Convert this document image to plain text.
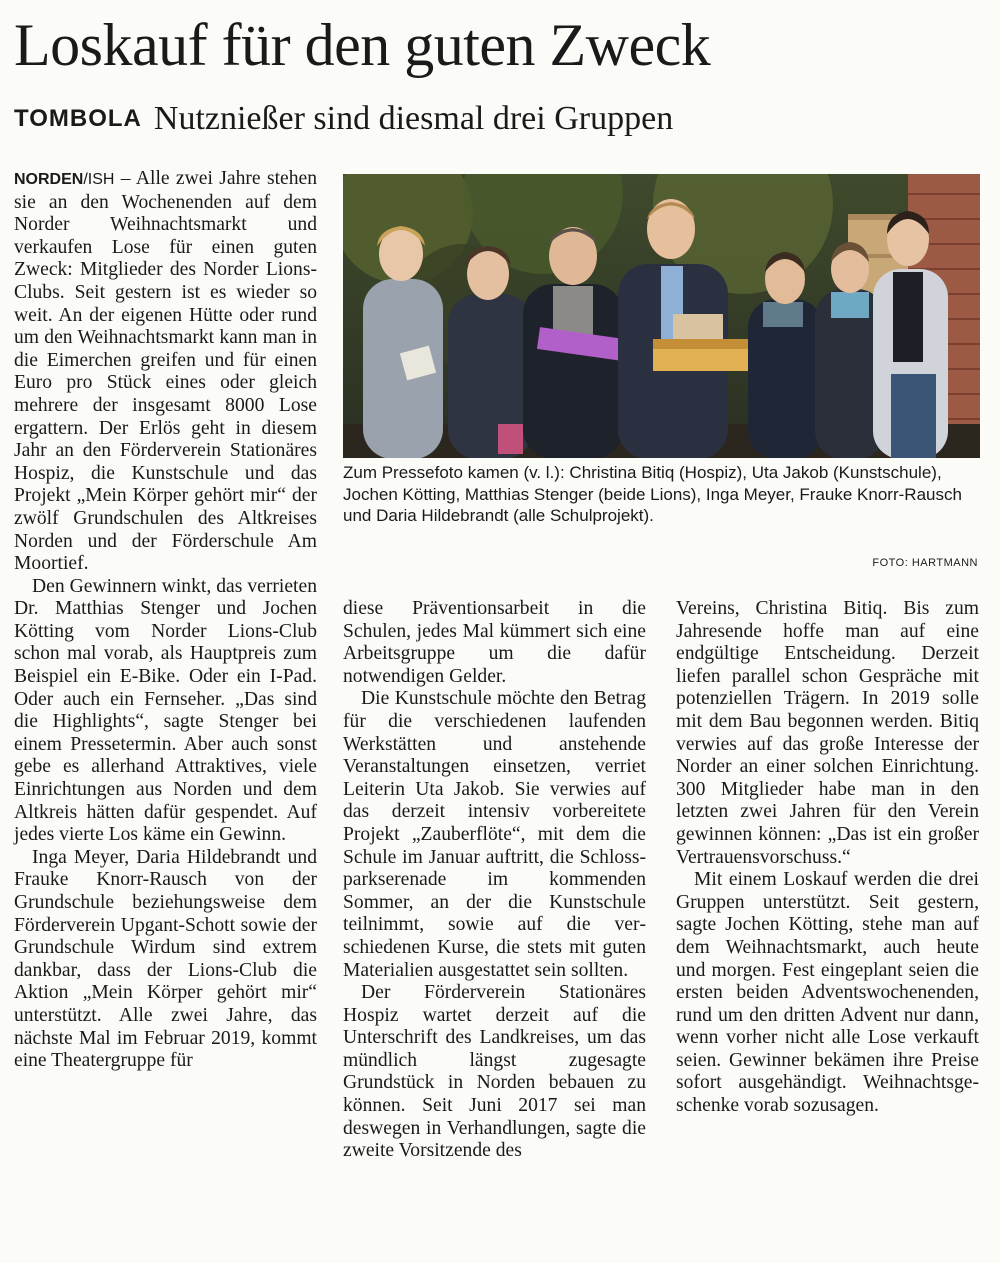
Loskauf für den guten Zweck
TOMBOLA Nutznießer sind diesmal drei Gruppen

NORDEN/ISH – Alle zwei Jahre stehen sie an den Wochenenden auf dem Norder Weihnachtsmarkt und verkaufen Lose für einen guten Zweck: Mitglieder des Norder Lions-Clubs. Seit gestern ist es wieder so weit. An der eigenen Hütte oder rund um den Weihnachtsmarkt kann man in die Eimerchen greifen und für einen Euro pro Stück eines oder gleich mehrere der insgesamt 8000 Lose ergattern. Der Erlös geht in diesem Jahr an den Förderverein Stationäres Hospiz, die Kunstschule und das Projekt „Mein Körper gehört mir“ der zwölf Grundschulen des Altkreises Norden und der Förderschule Am Moortief.

Den Gewinnern winkt, das verrieten Dr. Matthias Stenger und Jochen Kötting vom Norder Lions-Club schon mal vorab, als Hauptpreis zum Beispiel ein E-Bike. Oder ein I-Pad. Oder auch ein Fernseher. „Das sind die Highlights“, sagte Stenger bei einem Pressetermin. Aber auch sonst gebe es allerhand Attraktives, viele Einrichtungen aus Norden und dem Altkreis hätten dafür gespendet. Auf jedes vierte Los käme ein Gewinn.

Inga Meyer, Daria Hildebrandt und Frauke Knorr-Rausch von der Grundschule beziehungsweise dem Förderverein Upgant-Schott sowie der Grundschule Wirdum sind extrem dankbar, dass der Lions-Club die Aktion „Mein Körper gehört mir“ unterstützt. Alle zwei Jahre, das nächste Mal im Februar 2019, kommt eine Theatergruppe für

Zum Pressefoto kamen (v. l.): Christina Bitiq (Hospiz), Uta Jakob (Kunstschule), Jochen Kötting, Matthias Stenger (beide Lions), Inga Meyer, Frauke Knorr-Rausch und Daria Hildebrandt (alle Schulprojekt).
FOTO: HARTMANN

diese Präventionsarbeit in die Schulen, jedes Mal kümmert sich eine Arbeitsgruppe um die dafür notwendigen Gelder.

Die Kunstschule möchte den Betrag für die verschiedenen laufenden Werkstätten und anstehende Veranstaltungen einsetzen, verriet Leiterin Uta Jakob. Sie verwies auf das derzeit intensiv vorbereitete Projekt „Zauberflöte“, mit dem die Schule im Januar auftritt, die Schlossparkserenade im kommenden Sommer, an der die Kunstschule teilnimmt, sowie auf die verschiedenen Kurse, die stets mit guten Materialien ausgestattet sein sollten.

Der Förderverein Stationäres Hospiz wartet derzeit auf die Unterschrift des Landkreises, um das mündlich längst zugesagte Grundstück in Norden bebauen zu können. Seit Juni 2017 sei man deswegen in Verhandlungen, sagte die zweite Vorsitzende des

Vereins, Christina Bitiq. Bis zum Jahresende hoffe man auf eine endgültige Entscheidung. Derzeit liefen parallel schon Gespräche mit potenziellen Trägern. In 2019 solle mit dem Bau begonnen werden. Bitiq verwies auf das große Interesse der Norder an einer solchen Einrichtung. 300 Mitglieder habe man in den letzten zwei Jahren für den Verein gewinnen können: „Das ist ein großer Vertrauensvorschuss.“

Mit einem Loskauf werden die drei Gruppen unterstützt. Seit gestern, sagte Jochen Kötting, stehe man auf dem Weihnachtsmarkt, auch heute und morgen. Fest eingeplant seien die ersten beiden Adventswochenenden, rund um den dritten Advent nur dann, wenn vorher nicht alle Lose verkauft seien. Gewinner bekämen ihre Preise sofort ausgehändigt. Weihnachtsgeschenke vorab sozusagen.
